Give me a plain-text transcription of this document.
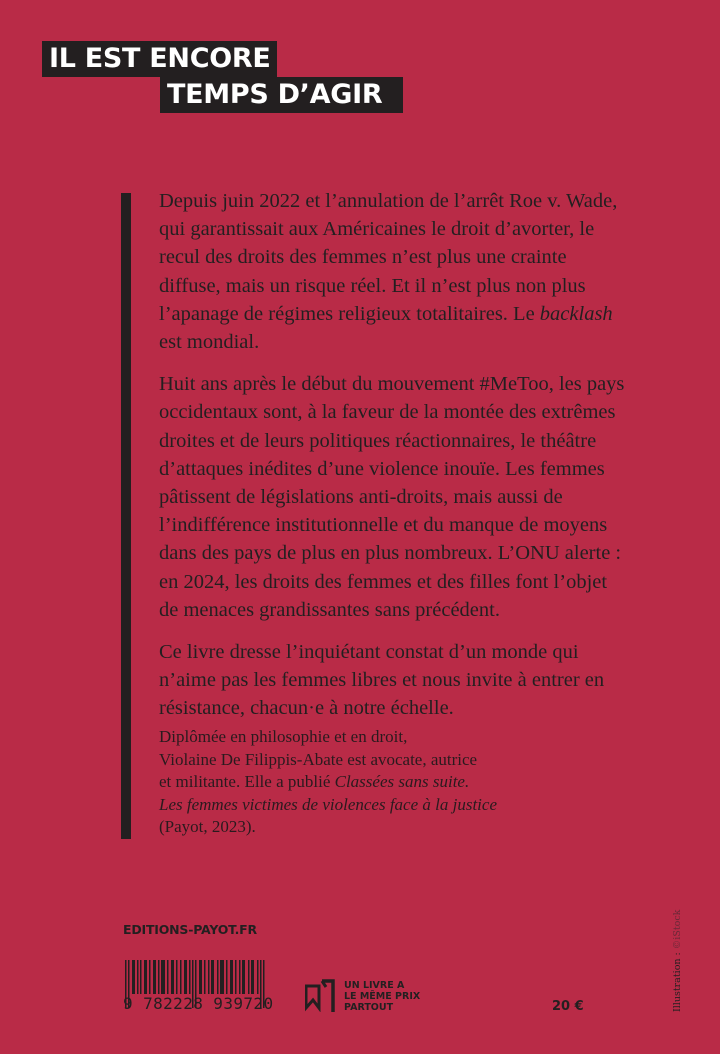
IL EST ENCORE
TEMPS D’AGIR

Depuis juin 2022 et l’annulation de l’arrêt Roe v. Wade, qui garantissait aux Américaines le droit d’avorter, le recul des droits des femmes n’est plus une crainte diffuse, mais un risque réel. Et il n’est plus non plus l’apanage de régimes religieux totalitaires. Le backlash est mondial.

Huit ans après le début du mouvement #MeToo, les pays occidentaux sont, à la faveur de la montée des extrêmes droites et de leurs politiques réactionnaires, le théâtre d’attaques inédites d’une violence inouïe. Les femmes pâtissent de législations anti-droits, mais aussi de l’indifférence institutionnelle et du manque de moyens dans des pays de plus en plus nombreux. L’ONU alerte : en 2024, les droits des femmes et des filles font l’objet de menaces grandissantes sans précédent.

Ce livre dresse l’inquiétant constat d’un monde qui n’aime pas les femmes libres et nous invite à entrer en résistance, chacun·e à notre échelle.

Diplômée en philosophie et en droit,

Violaine De Filippis-Abate est avocate, autrice

et militante. Elle a publié Classées sans suite.

Les femmes victimes de violences face à la justice

(Payot, 2023).

EDITIONS-PAYOT.FR
9 782228 939720
UN LIVRE A
LE MÊME PRIX
PARTOUT	20 €	Illustration : ©iStock
